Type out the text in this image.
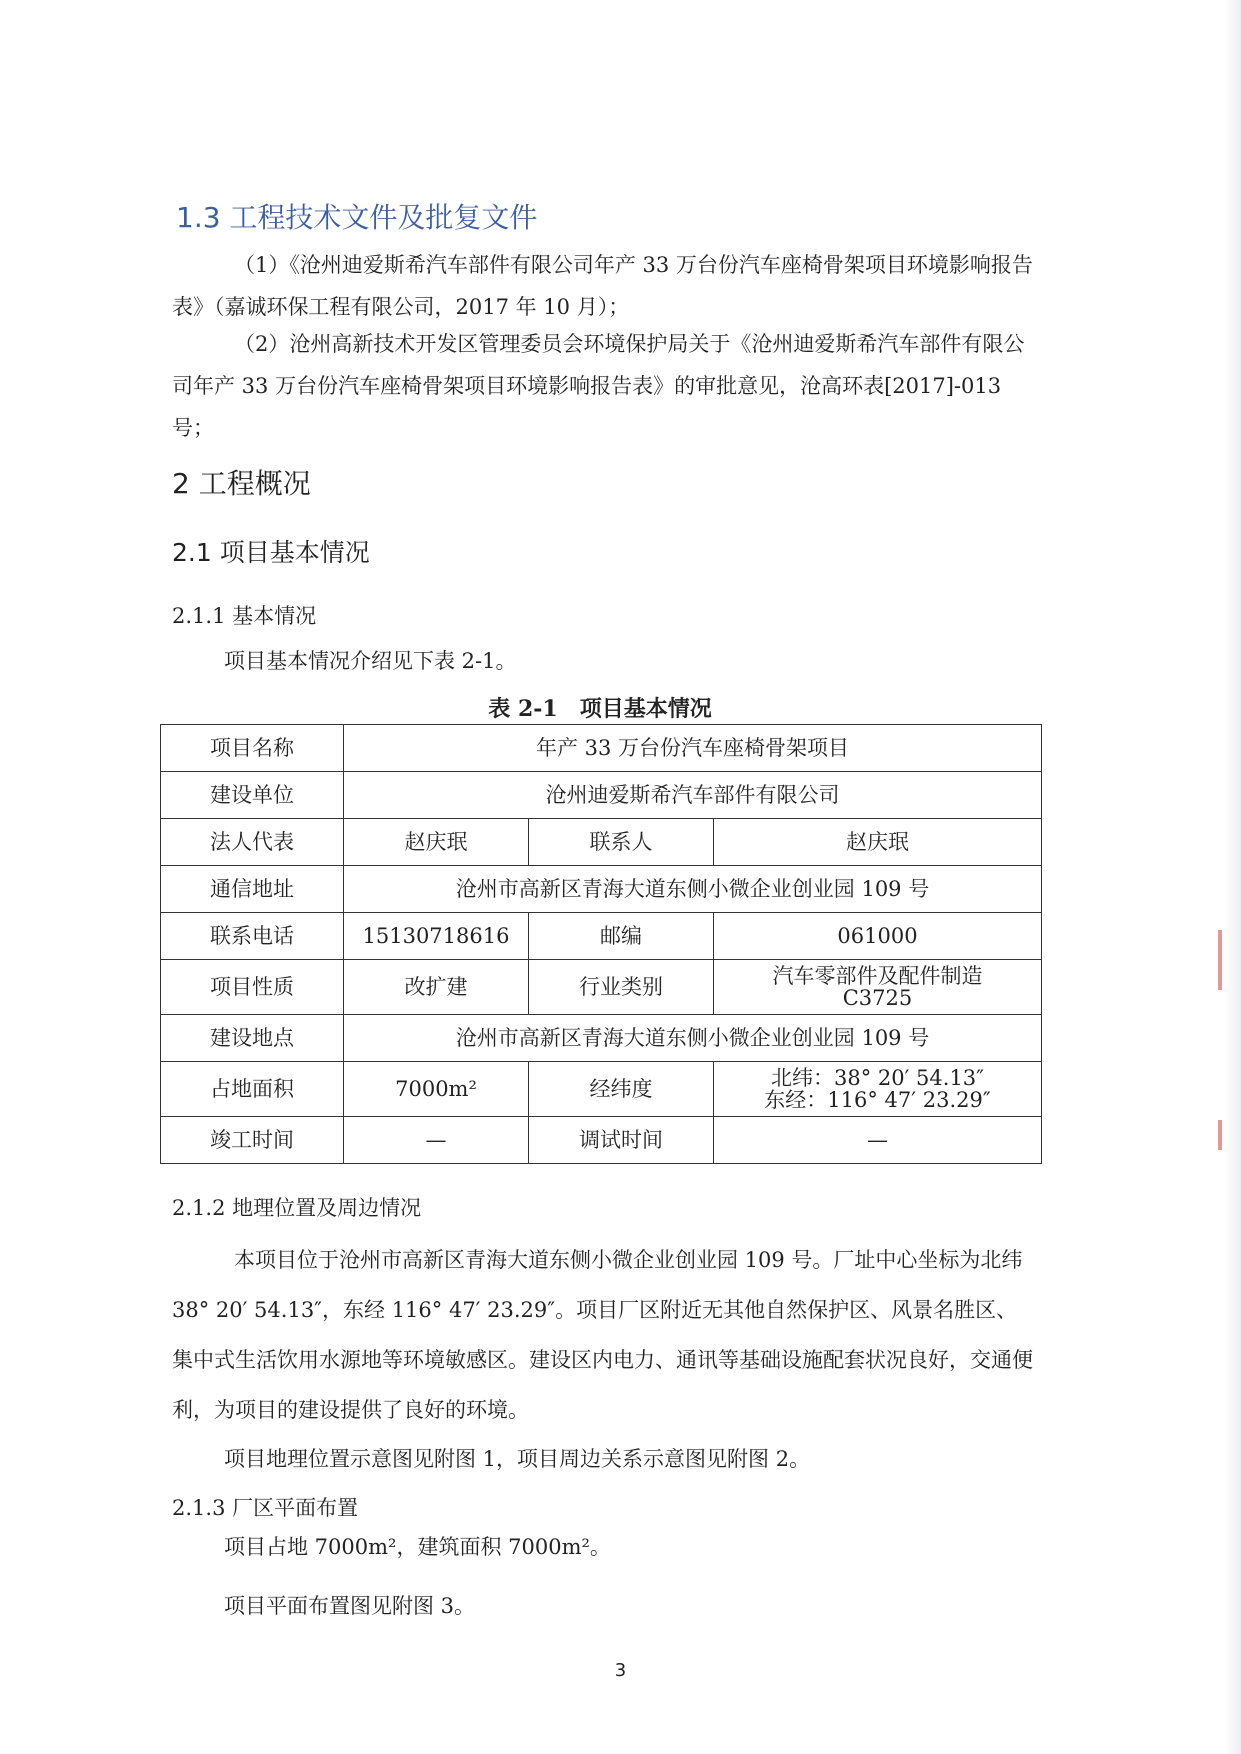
1.3 工程技术文件及批复文件
（1）《沧州迪爱斯希汽车部件有限公司年产 33 万台份汽车座椅骨架项目环境影响报告表》（嘉诚环保工程有限公司，2017 年 10 月）；
（2）沧州高新技术开发区管理委员会环境保护局关于《沧州迪爱斯希汽车部件有限公司年产 33 万台份汽车座椅骨架项目环境影响报告表》的审批意见，沧高环表[2017]-013 号；
2 工程概况
2.1 项目基本情况
2.1.1 基本情况
项目基本情况介绍见下表 2-1。
表 2-1　项目基本情况
项目名称	年产 33 万台份汽车座椅骨架项目		
建设单位	沧州迪爱斯希汽车部件有限公司		
法人代表	赵庆珉	联系人	赵庆珉
通信地址	沧州市高新区青海大道东侧小微企业创业园 109 号		
联系电话	15130718616	邮编	061000
项目性质	改扩建	行业类别	汽车零部件及配件制造
C3725

建设地点	沧州市高新区青海大道东侧小微企业创业园 109 号		
占地面积	7000m²	经纬度	北纬：38° 20′ 54.13″
东经：116° 47′ 23.29″

竣工时间	—	调试时间	—
2.1.2 地理位置及周边情况
本项目位于沧州市高新区青海大道东侧小微企业创业园 109 号。厂址中心坐标为北纬 38° 20′ 54.13″，东经 116° 47′ 23.29″。项目厂区附近无其他自然保护区、风景名胜区、集中式生活饮用水源地等环境敏感区。建设区内电力、通讯等基础设施配套状况良好，交通便利，为项目的建设提供了良好的环境。
项目地理位置示意图见附图 1，项目周边关系示意图见附图 2。
2.1.3 厂区平面布置
项目占地 7000m²，建筑面积 7000m²。
项目平面布置图见附图 3。
3
